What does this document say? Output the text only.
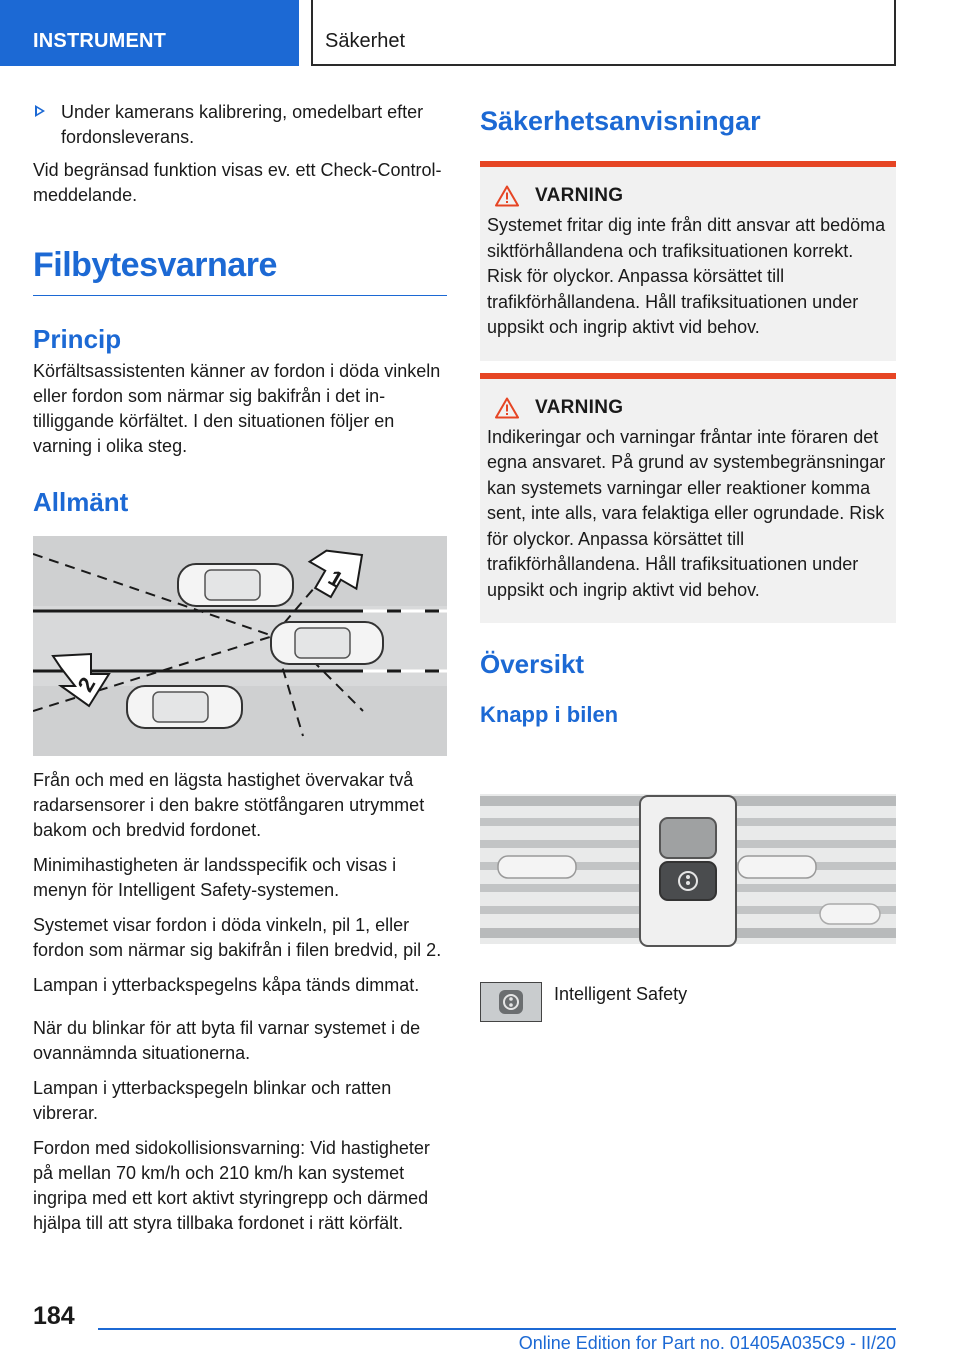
INSTRUMENT	Säkerhet
Under kamerans kalibrering, omedelbart efter fordonsleverans.

Vid begränsad funktion visas ev. ett Check-Control-meddelande.

Filbytesvarnare
Princip

Körfältsassistenten känner av fordon i döda vinkeln eller fordon som närmar sig bakifrån i det intilliggande körfältet. I den situationen följer en varning i olika steg.

Allmänt
1
2

Från och med en lägsta hastighet övervakar två radarsensorer i den bakre stötfångaren utrymmet bakom och bredvid fordonet.

Minimihastigheten är landsspecifik och visas i menyn för Intelligent Safety-systemen.

Systemet visar fordon i döda vinkeln, pil 1, eller fordon som närmar sig bakifrån i filen bredvid, pil 2.

Lampan i ytterbackspegelns kåpa tänds dimmat.

När du blinkar för att byta fil varnar systemet i de ovannämnda situationerna.

Lampan i ytterbackspegeln blinkar och ratten vibrerar.

Fordon med sidokollisionsvarning: Vid hastigheter på mellan 70 km/h och 210 km/h kan systemet ingripa med ett kort aktivt styringrepp och därmed hjälpa till att styra tillbaka fordonet i rätt körfält.

Säkerhetsanvisningar
VARNING

Systemet fritar dig inte från ditt ansvar att bedöma siktförhållandena och trafiksituationen korrekt. Risk för olyckor. Anpassa körsättet till trafikförhållandena. Håll trafiksituationen under uppsikt och ingrip aktivt vid behov.

VARNING

Indikeringar och varningar fråntar inte föraren det egna ansvaret. På grund av systembegränsningar kan systemets varningar eller reaktioner komma sent, inte alls, vara felaktiga eller ogrundade. Risk för olyckor. Anpassa körsättet till trafikförhållandena. Håll trafiksituationen under uppsikt och ingrip aktivt vid behov.

Översikt
Knapp i bilen
Intelligent Safety
184
Online Edition for Part no. 01405A035C9 - II/20
